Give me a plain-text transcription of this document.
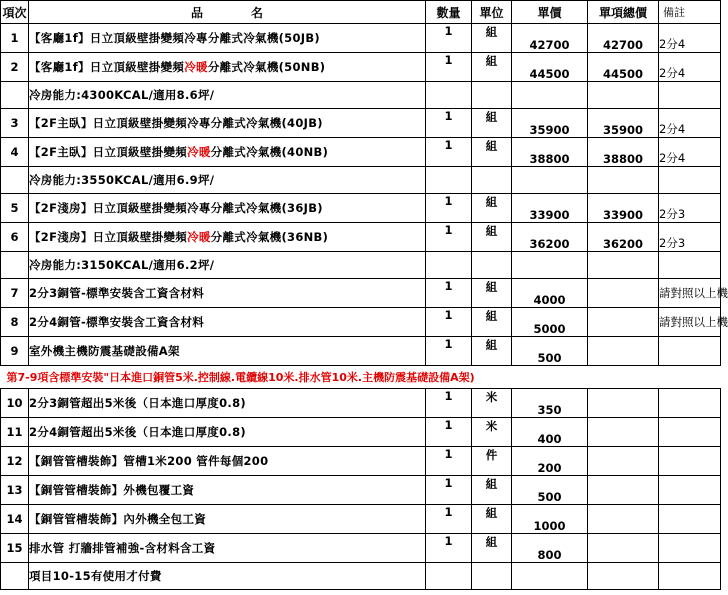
項次	品 名	數量	單位	單價	單項總價	備註
1	【客廳1f】日立頂級壁掛變頻冷專分離式冷氣機(50JB)	1	組	42700	42700	2分4
2	【客廳1f】日立頂級壁掛變頻冷暖分離式冷氣機(50NB)	1	組	44500	44500	2分4
	冷房能力:4300KCAL/適用8.6坪/					
3	【2F主臥】日立頂級壁掛變頻冷專分離式冷氣機(40JB)	1	組	35900	35900	2分4
4	【2F主臥】日立頂級壁掛變頻冷暖分離式冷氣機(40NB)	1	組	38800	38800	2分4
	冷房能力:3550KCAL/適用6.9坪/					
5	【2F淺房】日立頂級壁掛變頻冷專分離式冷氣機(36JB)	1	組	33900	33900	2分3
6	【2F淺房】日立頂級壁掛變頻冷暖分離式冷氣機(36NB)	1	組	36200	36200	2分3
	冷房能力:3150KCAL/適用6.2坪/					
7	2分3銅管-標準安裝含工資含材料	1	組	4000		請對照以上機
8	2分4銅管-標準安裝含工資含材料	1	組	5000		請對照以上機
9	室外機主機防震基礎設備A架	1	組	500		
第7-9項含標準安裝"日本進口銅管5米.控制線.電纜線10米.排水管10米.主機防震基礎設備A架)						
10	2分3銅管超出5米後（日本進口厚度0.8)	1	米	350		
11	2分4銅管超出5米後（日本進口厚度0.8)	1	米	400		
12	【銅管管槽裝飾】管槽1米200 管件每個200	1	件	200		
13	【銅管管槽裝飾】外機包覆工資	1	組	500		
14	【銅管管槽裝飾】內外機全包工資	1	組	1000		
15	排水管 打牆排管補強-含材料含工資	1	組	800		
	項目10-15有使用才付費					
